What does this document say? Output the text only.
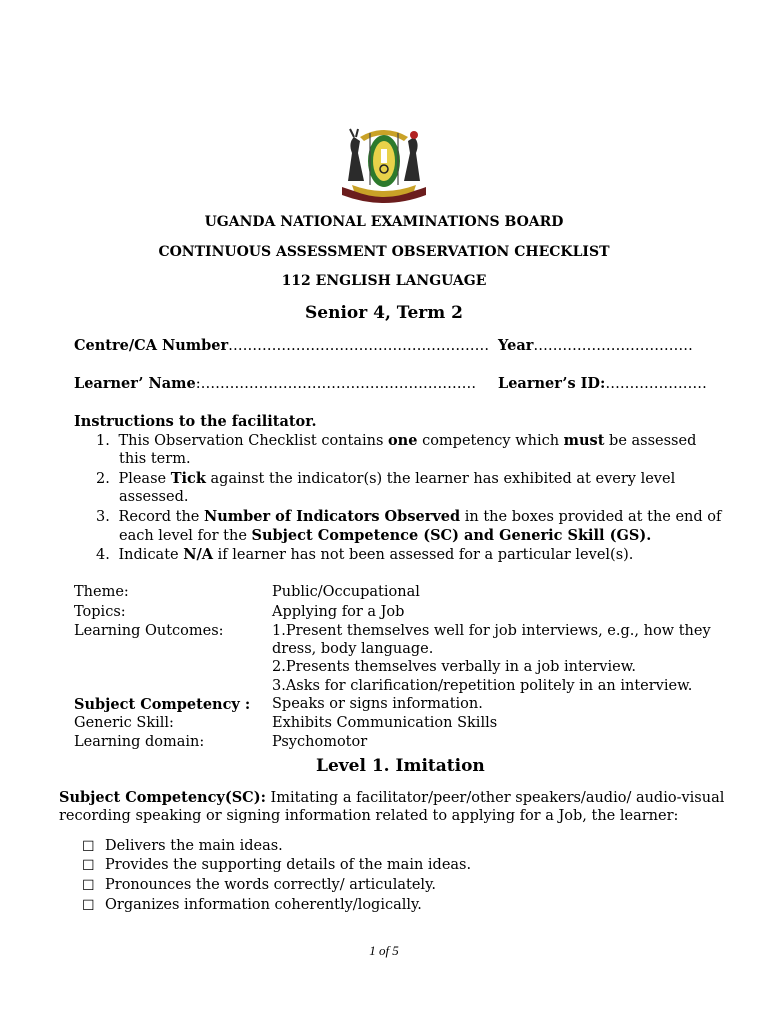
UGANDA NATIONAL EXAMINATIONS BOARD
CONTINUOUS ASSESSMENT OBSERVATION CHECKLIST
112 ENGLISH LANGUAGE
Senior 4, Term 2
Centre/CA Number……………………………………………… Year……………………………
Learner’ Name:………………………………………………… Learner’s ID:…………………
Instructions to the facilitator.
1. This Observation Checklist contains one competency which must be assessed
this term.
2. Please Tick against the indicator(s) the learner has exhibited at every level
assessed.
3. Record the Number of Indicators Observed in the boxes provided at the end of
each level for the Subject Competence (SC) and Generic Skill (GS).
4. Indicate N/A if learner has not been assessed for a particular level(s).
Theme:	Public/Occupational
Topics:	Applying for a Job
Learning Outcomes:	1.Present themselves well for job interviews, e.g., how they
dress, body language.
2.Presents themselves verbally in a job interview.
3.Asks for clarification/repetition politely in an interview.
Subject Competency : Speaks or signs information.
Generic Skill:	Exhibits Communication Skills
Learning domain:	Psychomotor
Level 1. Imitation
Subject Competency(SC): Imitating a facilitator/peer/other speakers/audio/ audio-visual
recording speaking or signing information related to applying for a Job, the learner:
☐ Delivers the main ideas.
☐ Provides the supporting details of the main ideas.
☐ Pronounces the words correctly/ articulately.
☐ Organizes information coherently/logically.
1 of 5
